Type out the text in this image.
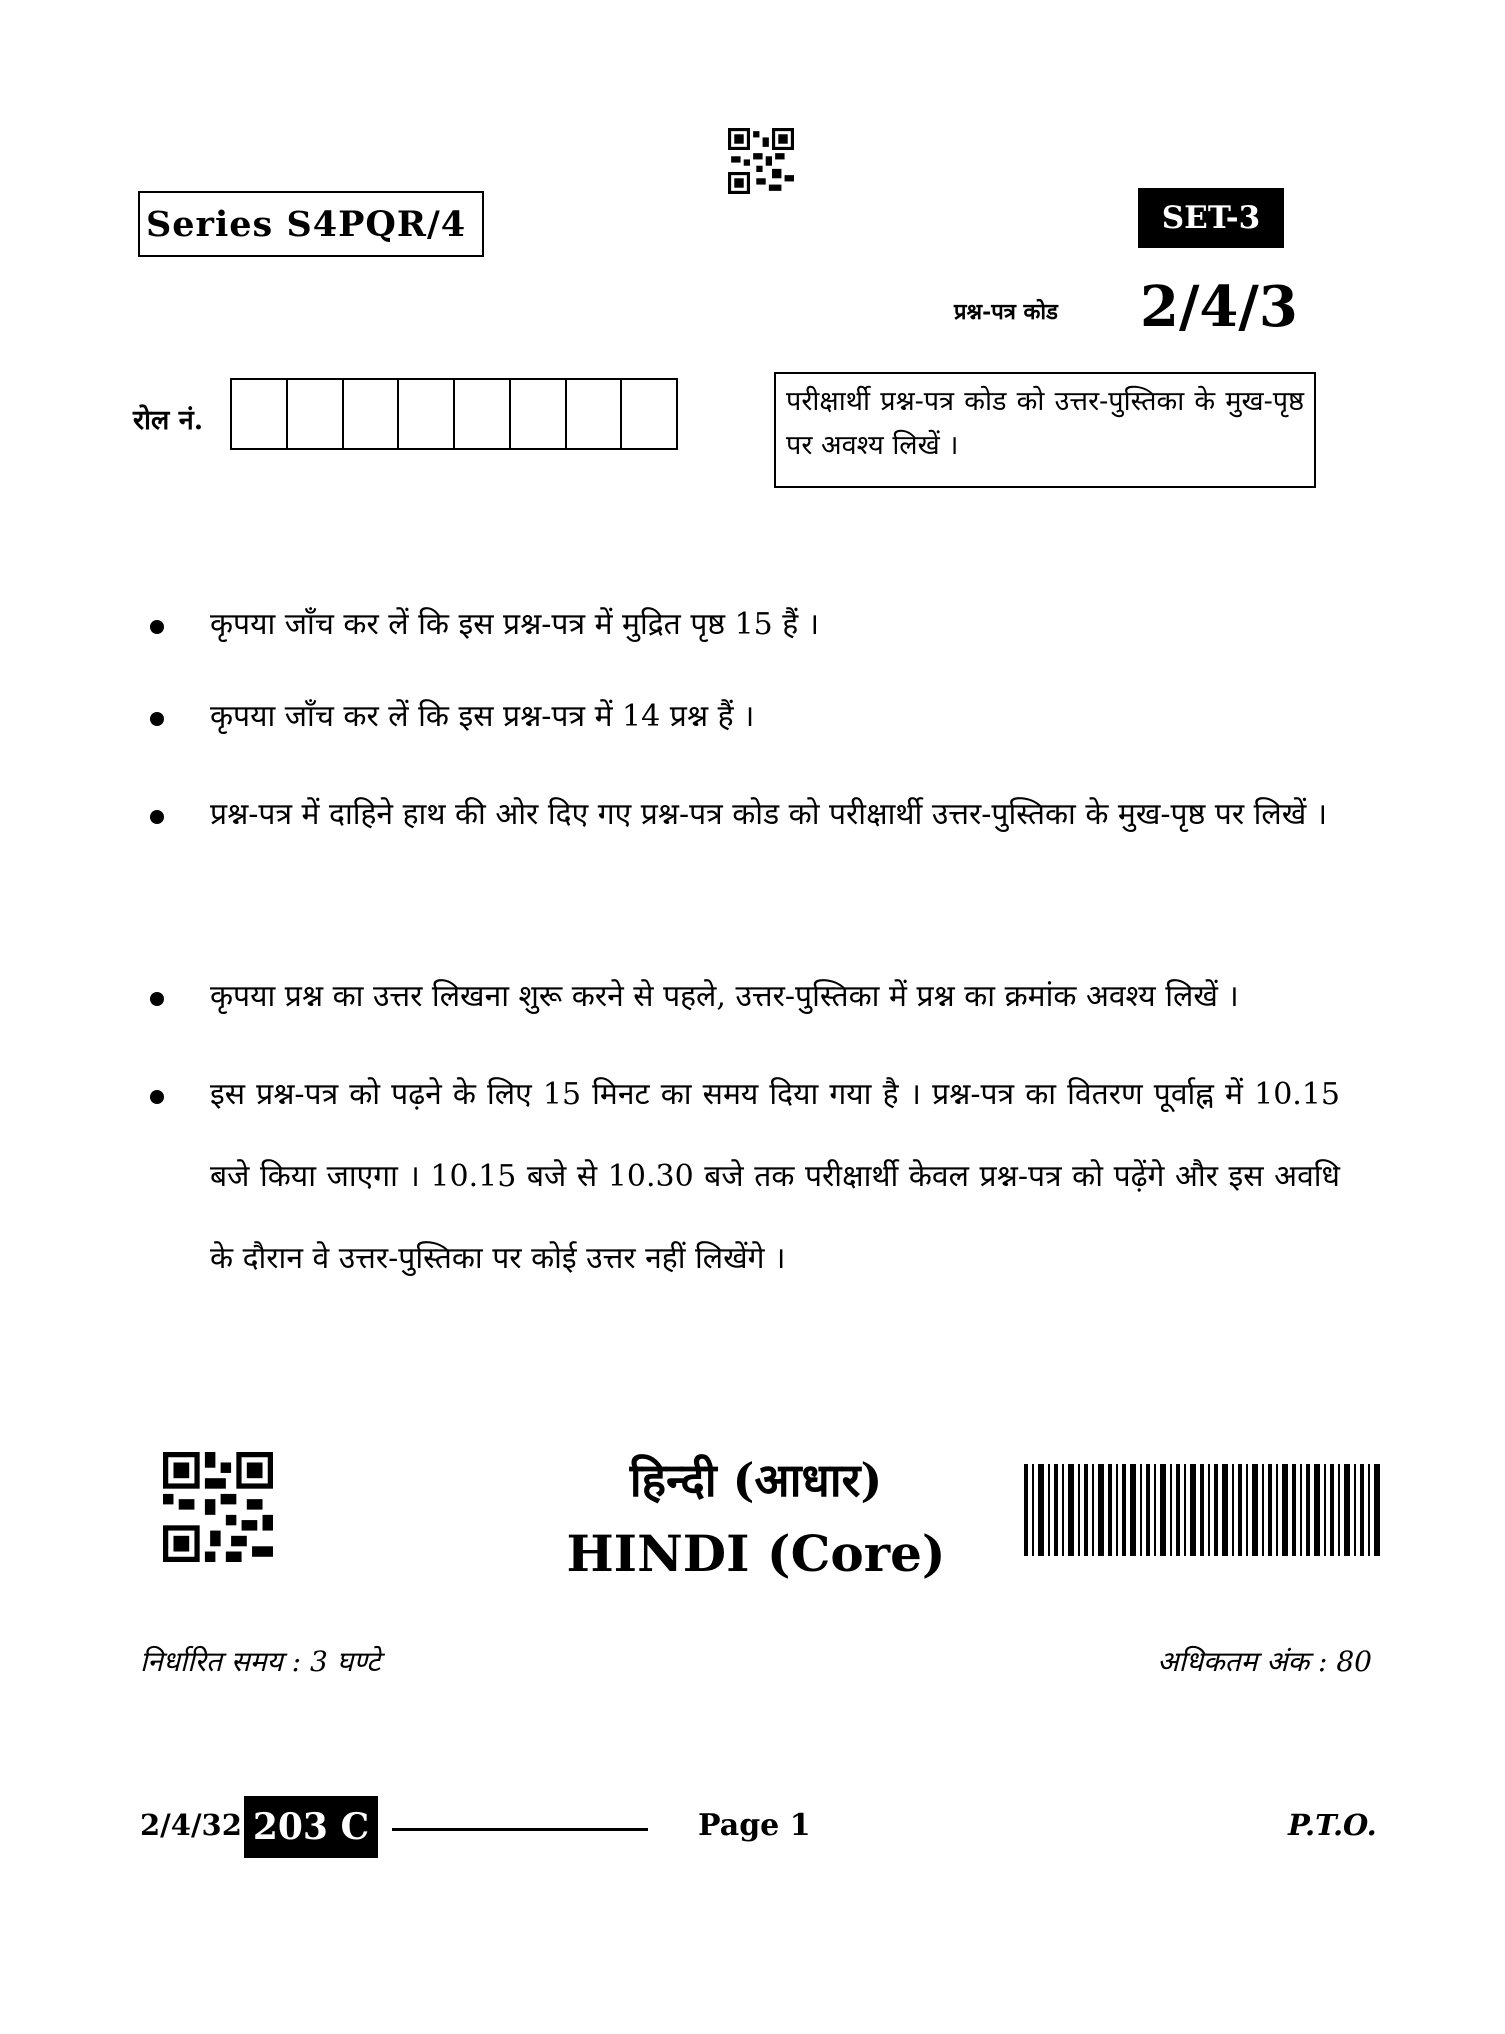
Series S4PQR/4	SET-3
प्रश्न-पत्र कोड 2/4/3
रोल नं.
परीक्षार्थी प्रश्न-पत्र कोड को उत्तर-पुस्तिका के मुख-पृष्ठ पर अवश्य लिखें ।
कृपया जाँच कर लें कि इस प्रश्न-पत्र में मुद्रित पृष्ठ 15 हैं ।
कृपया जाँच कर लें कि इस प्रश्न-पत्र में 14 प्रश्न हैं ।
प्रश्न-पत्र में दाहिने हाथ की ओर दिए गए प्रश्न-पत्र कोड को परीक्षार्थी उत्तर-पुस्तिका के मुख-पृष्ठ पर लिखें ।
कृपया प्रश्न का उत्तर लिखना शुरू करने से पहले, उत्तर-पुस्तिका में प्रश्न का क्रमांक अवश्य लिखें ।
इस प्रश्न-पत्र को पढ़ने के लिए 15 मिनट का समय दिया गया है । प्रश्न-पत्र का वितरण पूर्वाह्न में 10.15 बजे किया जाएगा । 10.15 बजे से 10.30 बजे तक परीक्षार्थी केवल प्रश्न-पत्र को पढ़ेंगे और इस अवधि के दौरान वे उत्तर-पुस्तिका पर कोई उत्तर नहीं लिखेंगे ।
हिन्दी (आधार)
HINDI (Core)
निर्धारित समय : 3 घण्टे	अधिकतम अंक : 80
2/4/32 203 C	Page 1	P.T.O.
